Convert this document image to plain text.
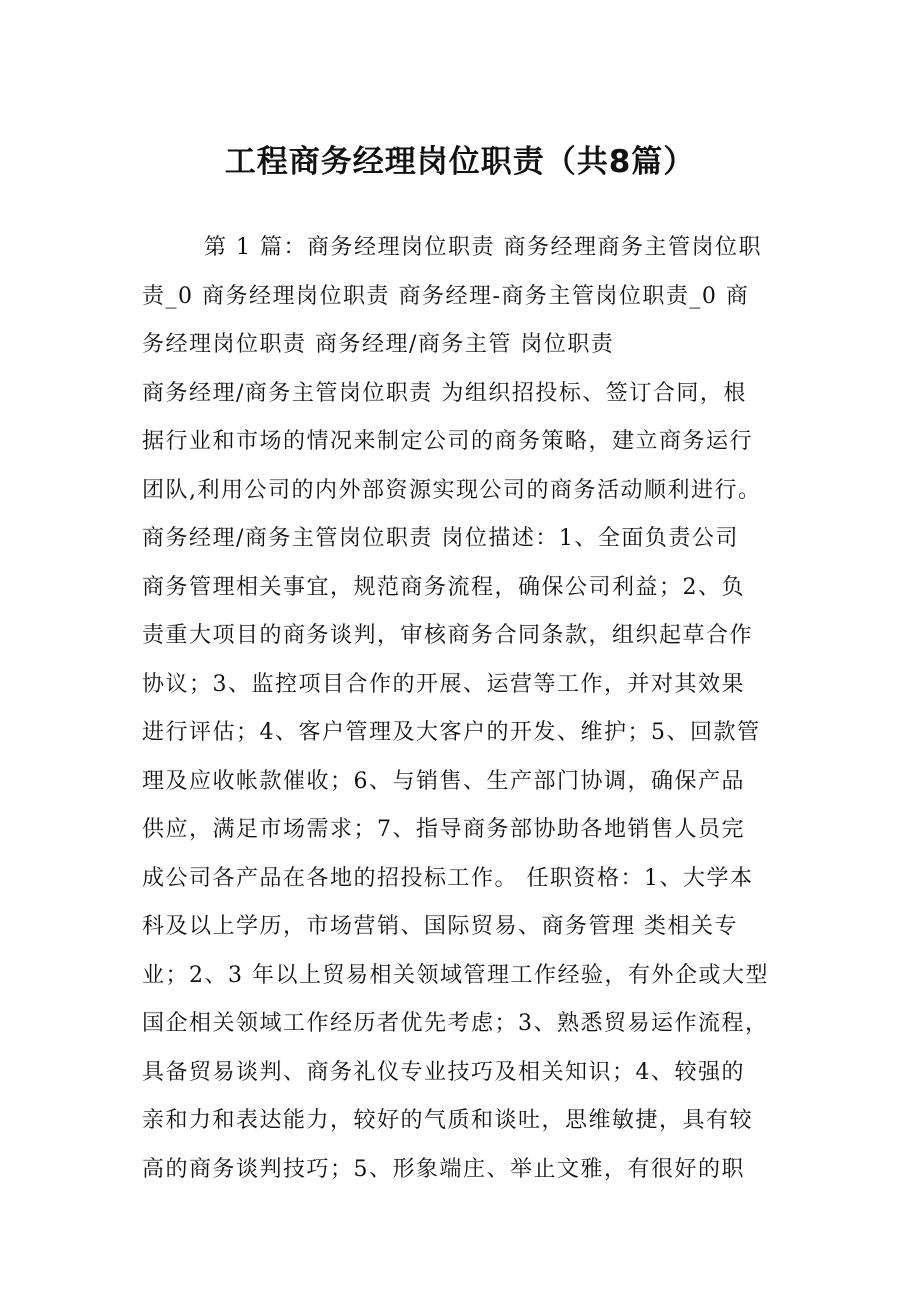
工程商务经理岗位职责（共8篇）
第 1 篇：商务经理岗位职责 商务经理商务主管岗位职
责_0 商务经理岗位职责 商务经理-商务主管岗位职责_0 商
务经理岗位职责 商务经理/商务主管 岗位职责
商务经理/商务主管岗位职责 为组织招投标、签订合同，根
据行业和市场的情况来制定公司的商务策略，建立商务运行
团队,利用公司的内外部资源实现公司的商务活动顺利进行。
商务经理/商务主管岗位职责 岗位描述：1、全面负责公司
商务管理相关事宜，规范商务流程，确保公司利益；2、负
责重大项目的商务谈判，审核商务合同条款，组织起草合作
协议；3、监控项目合作的开展、运营等工作，并对其效果
进行评估；4、客户管理及大客户的开发、维护；5、回款管
理及应收帐款催收；6、与销售、生产部门协调，确保产品
供应，满足市场需求；7、指导商务部协助各地销售人员完
成公司各产品在各地的招投标工作。 任职资格：1、大学本
科及以上学历，市场营销、国际贸易、商务管理 类相关专
业；2、3 年以上贸易相关领域管理工作经验，有外企或大型
国企相关领域工作经历者优先考虑；3、熟悉贸易运作流程，
具备贸易谈判、商务礼仪专业技巧及相关知识；4、较强的
亲和力和表达能力，较好的气质和谈吐，思维敏捷，具有较
高的商务谈判技巧；5、形象端庄、举止文雅，有很好的职
